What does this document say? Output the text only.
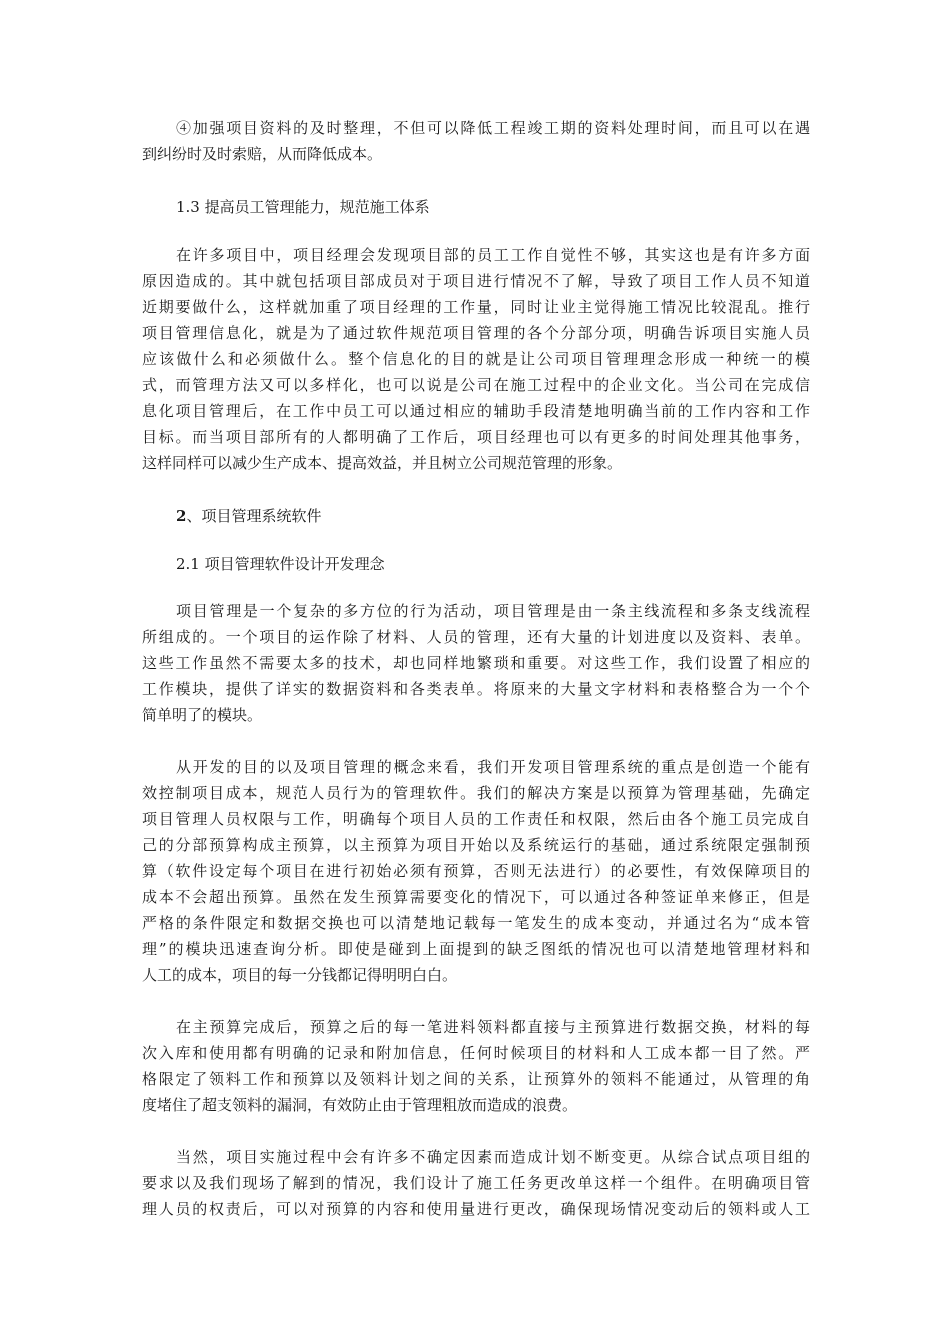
④加强项目资料的及时整理，不但可以降低工程竣工期的资料处理时间，而且可以在遇
到纠纷时及时索赔，从而降低成本。
1.3 提高员工管理能力，规范施工体系
在许多项目中，项目经理会发现项目部的员工工作自觉性不够，其实这也是有许多方面
原因造成的。其中就包括项目部成员对于项目进行情况不了解，导致了项目工作人员不知道
近期要做什么，这样就加重了项目经理的工作量，同时让业主觉得施工情况比较混乱。推行
项目管理信息化，就是为了通过软件规范项目管理的各个分部分项，明确告诉项目实施人员
应该做什么和必须做什么。整个信息化的目的就是让公司项目管理理念形成一种统一的模
式，而管理方法又可以多样化，也可以说是公司在施工过程中的企业文化。当公司在完成信
息化项目管理后，在工作中员工可以通过相应的辅助手段清楚地明确当前的工作内容和工作
目标。而当项目部所有的人都明确了工作后，项目经理也可以有更多的时间处理其他事务，
这样同样可以减少生产成本、提高效益，并且树立公司规范管理的形象。
2、项目管理系统软件
2.1 项目管理软件设计开发理念
项目管理是一个复杂的多方位的行为活动，项目管理是由一条主线流程和多条支线流程
所组成的。一个项目的运作除了材料、人员的管理，还有大量的计划进度以及资料、表单。
这些工作虽然不需要太多的技术，却也同样地繁琐和重要。对这些工作，我们设置了相应的
工作模块，提供了详实的数据资料和各类表单。将原来的大量文字材料和表格整合为一个个
简单明了的模块。
从开发的目的以及项目管理的概念来看，我们开发项目管理系统的重点是创造一个能有
效控制项目成本，规范人员行为的管理软件。我们的解决方案是以预算为管理基础，先确定
项目管理人员权限与工作，明确每个项目人员的工作责任和权限，然后由各个施工员完成自
己的分部预算构成主预算，以主预算为项目开始以及系统运行的基础，通过系统限定强制预
算（软件设定每个项目在进行初始必须有预算，否则无法进行）的必要性，有效保障项目的
成本不会超出预算。虽然在发生预算需要变化的情况下，可以通过各种签证单来修正，但是
严格的条件限定和数据交换也可以清楚地记载每一笔发生的成本变动，并通过名为“成本管
理”的模块迅速查询分析。即使是碰到上面提到的缺乏图纸的情况也可以清楚地管理材料和
人工的成本，项目的每一分钱都记得明明白白。
在主预算完成后，预算之后的每一笔进料领料都直接与主预算进行数据交换，材料的每
次入库和使用都有明确的记录和附加信息，任何时候项目的材料和人工成本都一目了然。严
格限定了领料工作和预算以及领料计划之间的关系，让预算外的领料不能通过，从管理的角
度堵住了超支领料的漏洞，有效防止由于管理粗放而造成的浪费。
当然，项目实施过程中会有许多不确定因素而造成计划不断变更。从综合试点项目组的
要求以及我们现场了解到的情况，我们设计了施工任务更改单这样一个组件。在明确项目管
理人员的权责后，可以对预算的内容和使用量进行更改，确保现场情况变动后的领料或人工
